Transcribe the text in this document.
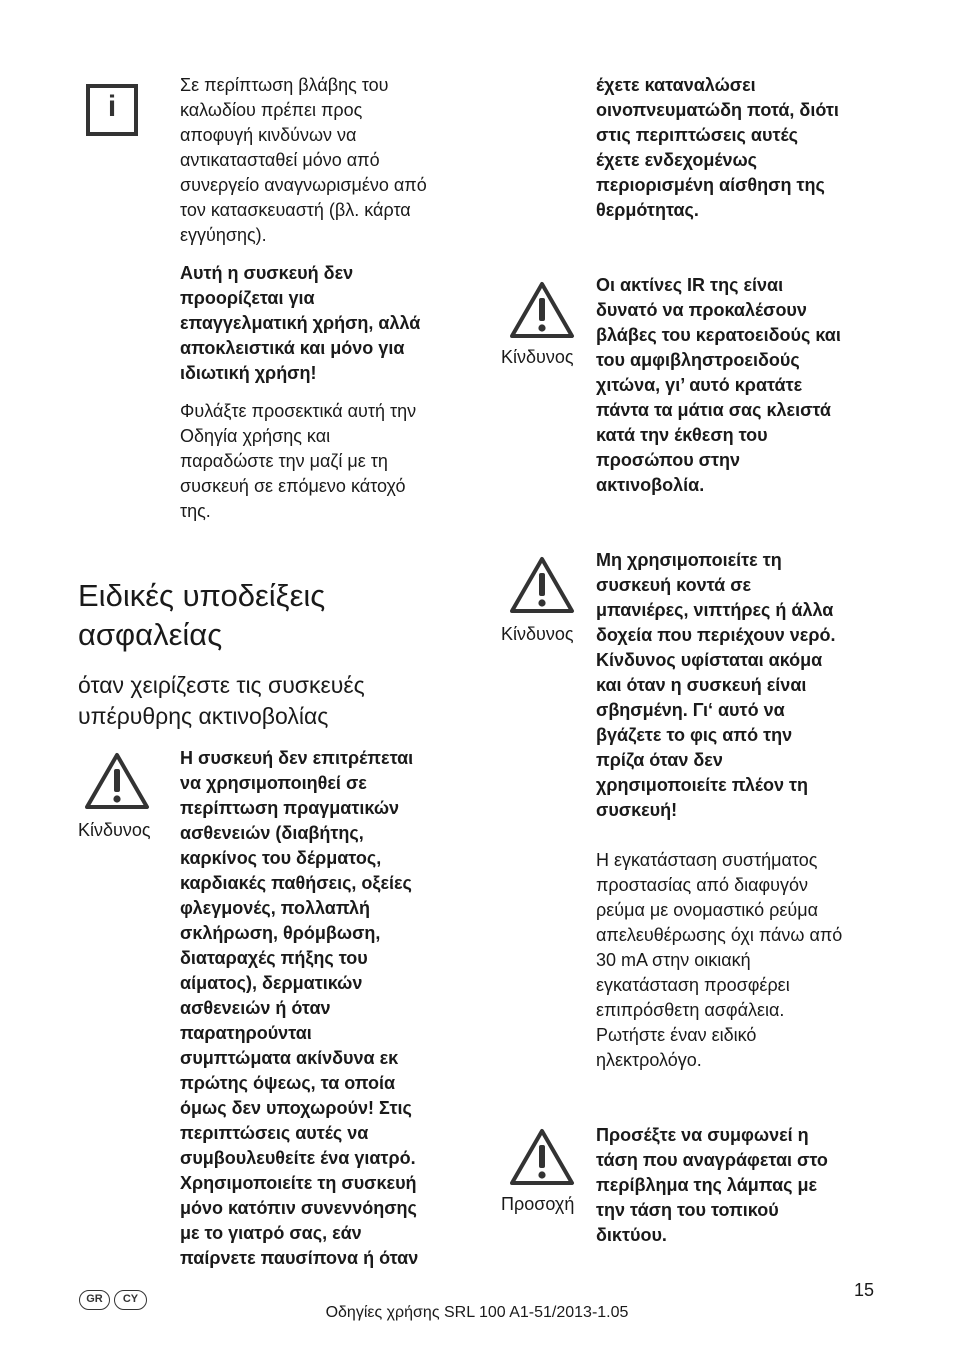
i
Σε περίπτωση βλάβης του
καλωδίου πρέπει προς
αποφυγή κινδύνων να
αντικατασταθεί μόνο από
συνεργείο αναγνωρισμένο από
τον κατασκευαστή (βλ. κάρτα
εγγύησης).
Αυτή η συσκευή δεν
προορίζεται για
επαγγελματική χρήση, αλλά
αποκλειστικά και μόνο για
ιδιωτική χρήση!
Φυλάξτε προσεκτικά αυτή την
Οδηγία χρήσης και
παραδώστε την μαζί με τη
συσκευή σε επόμενο κάτοχό
της.
Ειδικές υποδείξεις
ασφαλείας
όταν χειρίζεστε τις συσκευές
υπέρυθρης ακτινοβολίας
Κίνδυνος
Η συσκευή δεν επιτρέπεται
να χρησιμοποιηθεί σε
περίπτωση πραγματικών
ασθενειών (διαβήτης,
καρκίνος του δέρματος,
καρδιακές παθήσεις, οξείες
φλεγμονές, πολλαπλή
σκλήρωση, θρόμβωση,
διαταραχές πήξης του
αίματος), δερματικών
ασθενειών ή όταν
παρατηρούνται
συμπτώματα ακίνδυνα εκ
πρώτης όψεως, τα οποία
όμως δεν υποχωρούν! Στις
περιπτώσεις αυτές να
συμβουλευθείτε ένα γιατρό.
Χρησιμοποιείτε τη συσκευή
μόνο κατόπιν συνεννόησης
με το γιατρό σας, εάν
παίρνετε παυσίπονα ή όταν
έχετε καταναλώσει
οινοπνευματώδη ποτά, διότι
στις περιπτώσεις αυτές
έχετε ενδεχομένως
περιορισμένη αίσθηση της
θερμότητας.
Κίνδυνος
Οι ακτίνες IR της είναι
δυνατό να προκαλέσουν
βλάβες του κερατοειδούς και
του αμφιβληστροειδούς
χιτώνα, γι’ αυτό κρατάτε
πάντα τα μάτια σας κλειστά
κατά την έκθεση του
προσώπου στην
ακτινοβολία.
Κίνδυνος
Μη χρησιμοποιείτε τη
συσκευή κοντά σε
μπανιέρες, νιπτήρες ή άλλα
δοχεία που περιέχουν νερό.
Κίνδυνος υφίσταται ακόμα
και όταν η συσκευή είναι
σβησμένη. Γι‘ αυτό να
βγάζετε το φις από την
πρίζα όταν δεν
χρησιμοποιείτε πλέον τη
συσκευή!
Η εγκατάσταση συστήματος
προστασίας από διαφυγόν
ρεύμα με ονομαστικό ρεύμα
απελευθέρωσης όχι πάνω από
30 mA στην οικιακή
εγκατάσταση προσφέρει
επιπρόσθετη ασφάλεια.
Ρωτήστε έναν ειδικό
ηλεκτρολόγο.
Προσοχή
Προσέξτε να συμφωνεί η
τάση που αναγράφεται στο
περίβλημα της λάμπας με
την τάση του τοπικού
δικτύου.
GR	CY	15
Οδηγίες χρήσης SRL 100 A1-51/2013-1.05
